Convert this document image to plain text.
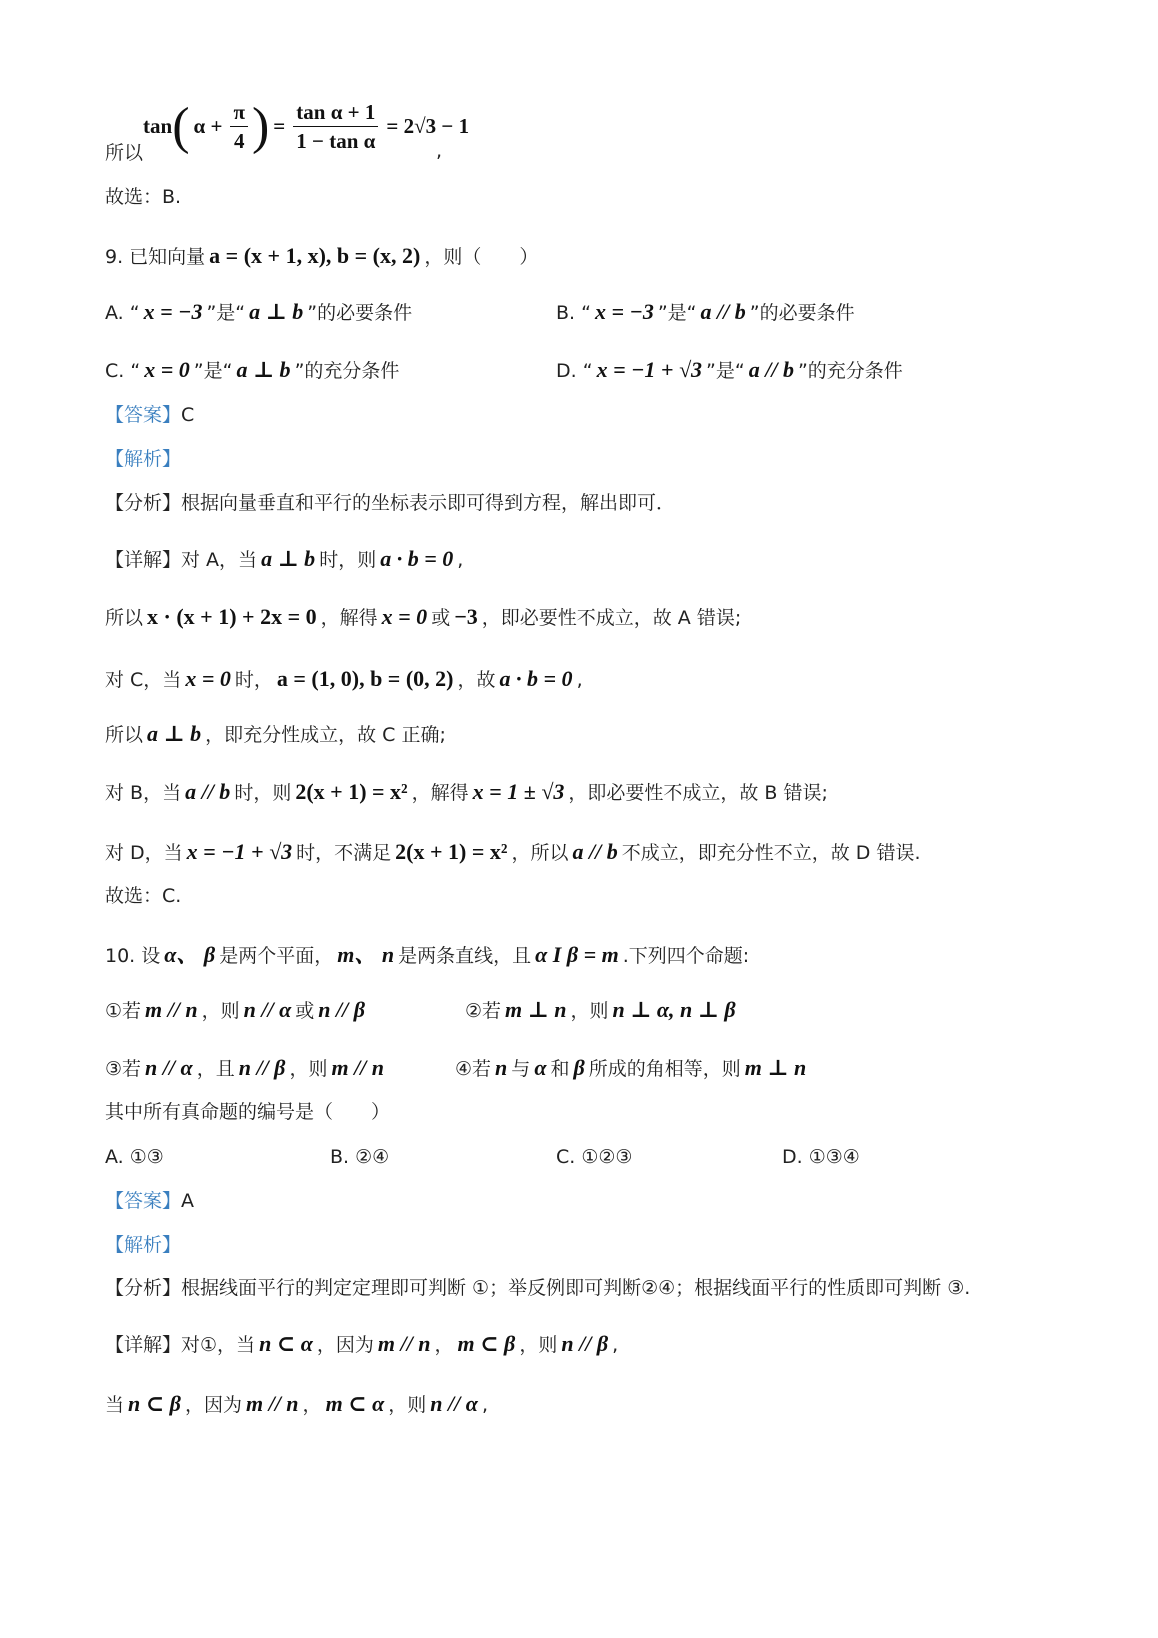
所以
tan ( $\alpha + \frac{\pi}{4}$ ) = $\frac{\text{tan α + 1}}{\text{1 − tan α}} = 2√3 - 1$
,
故选：B.
9. 已知向量 a = (x + 1, x), b = (x, 2) ，则（　　）
A. “ x = −3 ”是“ a ⊥ b ”的必要条件	B. “ x = −3 ”是“ a // b ”的必要条件
C. “ x = 0 ”是“ a ⊥ b ”的充分条件	D. “ x = −1 + √3 ”是“ a // b ”的充分条件
【答案】 C
【解析】
【分析】 根据向量垂直和平行的坐标表示即可得到方程，解出即可．
【详解】 对 A，当 a ⊥ b 时，则 a · b = 0 ,
所以 x · (x + 1) + 2x = 0 ，解得 x = 0 或 −3 ，即必要性不成立，故 A 错误;
对 C，当 x = 0 时， a = (1, 0), b = (0, 2) ，故 a · b = 0 ,
所以 a ⊥ b ，即充分性成立，故 C 正确;
对 B，当 a // b 时，则 2(x + 1) = x² ，解得 x = 1 ± √3 ，即必要性不成立，故 B 错误;
对 D，当 x = −1 + √3 时，不满足 2(x + 1) = x² ，所以 a // b 不成立，即充分性不立，故 D 错误.
故选：C.
10. 设 α、 β 是两个平面， m、 n 是两条直线，且 α I β = m .下列四个命题:
①若 m // n ，则 n // α 或 n // β	②若 m ⊥ n ，则 n ⊥ α, n ⊥ β
③若 n // α ，且 n // β ，则 m // n	④若 n 与 α 和 β 所成的角相等，则 m ⊥ n
其中所有真命题的编号是（　　）
A. ①③	B. ②④	C. ①②③	D. ①③④
【答案】 A
【解析】
【分析】 根据线面平行的判定定理即可判断 ①；举反例即可判断②④；根据线面平行的性质即可判断 ③.
【详解】 对①，当 n ⊂ α ，因为 m // n ， m ⊂ β ，则 n // β ,
当 n ⊂ β ，因为 m // n ， m ⊂ α ，则 n // α ,
